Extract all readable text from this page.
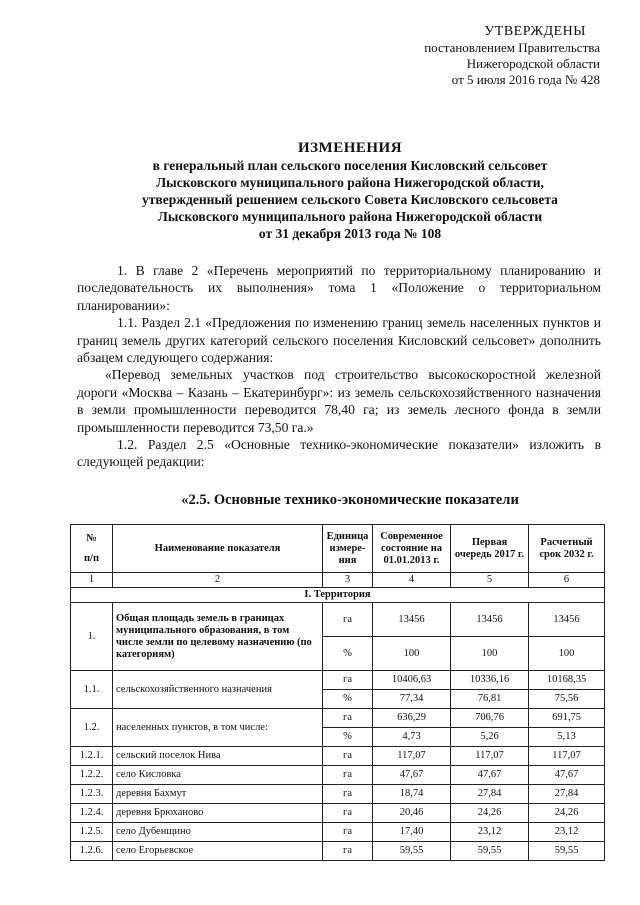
УТВЕРЖДЕНЫ
постановлением Правительства
Нижегородской области
от 5 июля 2016 года № 428
ИЗМЕНЕНИЯ
в генеральный план сельского поселения Кисловский сельсовет
Лысковского муниципального района Нижегородской области,
утвержденный решением сельского Совета Кисловского сельсовета
Лысковского муниципального района Нижегородской области
от 31 декабря 2013 года № 108

1. В главе 2 «Перечень мероприятий по территориальному планированию и последовательность их выполнения» тома 1 «Положение о территориальном планировании»:

1.1. Раздел 2.1 «Предложения по изменению границ земель населенных пунктов и границ земель других категорий сельского поселения Кисловский сельсовет» дополнить абзацем следующего содержания:

«Перевод земельных участков под строительство высокоскоростной железной дороги «Москва – Казань – Екатеринбург»: из земель сельскохозяйственного назначения в земли промышленности переводится 78,40 га; из земель лесного фонда в земли промышленности переводится 73,50 га.»

1.2. Раздел 2.5 «Основные технико-экономические показатели» изложить в следующей редакции:

«2.5. Основные технико-экономические показатели
№
п/п	Наименование показателя	Единица измере-ния	Современное состояние на 01.01.2013 г.	Первая очередь 2017 г.	Расчетный срок 2032 г.
1	2	3	4	5	6
I. Территория					
1.	Общая площадь земель в границах муниципального образования, в том числе земли по целевому назначению (по категориям)	га	13456	13456	13456
		%	100	100	100
1.1.	сельскохозяйственного назначения	га	10406,63	10336,16	10168,35
		%	77,34	76,81	75,56
1.2.	населенных пунктов, в том числе:	га	636,29	706,76	691,75
		%	4,73	5,26	5,13
1.2.1.	сельский поселок Нива	га	117,07	117,07	117,07
1.2.2.	село Кисловка	га	47,67	47,67	47,67
1.2.3.	деревня Бахмут	га	18,74	27,84	27,84
1.2.4.	деревня Брюханово	га	20,46	24,26	24,26
1.2.5.	село Дубенщино	га	17,40	23,12	23,12
1.2.6.	село Егорьевское	га	59,55	59,55	59,55
